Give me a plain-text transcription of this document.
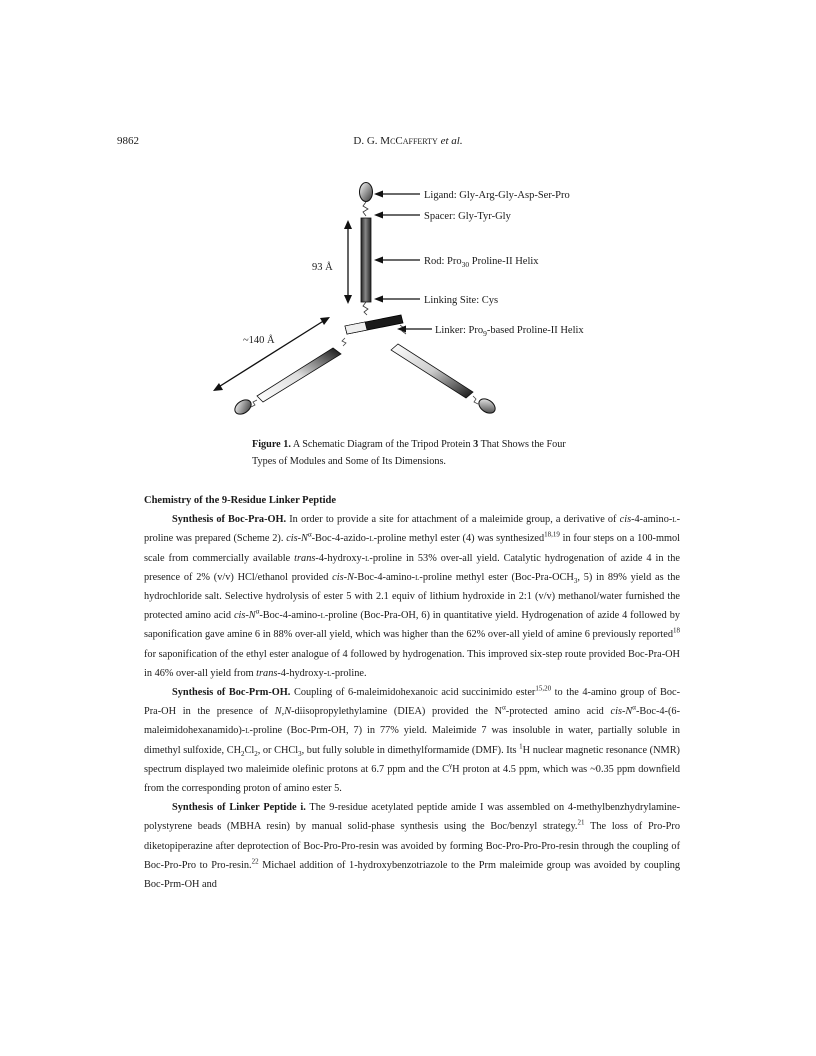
9862	D. G. McCafferty et al.
93 Å
~140 Å
Ligand: Gly-Arg-Gly-Asp-Ser-Pro
Spacer: Gly-Tyr-Gly
Rod: Pro$_{30}$ Proline-II Helix
Linking Site: Cys
Linker: Pro$_9$-based Proline-II Helix
Figure 1. A Schematic Diagram of the Tripod Protein 3 That Shows the Four Types of Modules and Some of Its Dimensions.

Chemistry of the 9-Residue Linker Peptide

Synthesis of Boc-Pra-OH. In order to provide a site for attachment of a maleimide group, a derivative of cis-4-amino-l-proline was prepared (Scheme 2). cis-$N^\alpha-Boc-4-azido-l$-proline methyl ester (4) was synthesized$^{18,19}$ in four steps on a 100-mmol scale from commercially available trans-4-hydroxy-l-proline in 53% over-all yield. Catalytic hydrogenation of azide 4 in the presence of 2% (v/v) HCl/ethanol provided cis-N-Boc-4-amino-l-proline methyl ester ($Boc-Pra-OCH_3$, 5) in 89% yield as the hydrochloride salt. Selective hydrolysis of ester 5 with 2.1 equiv of lithium hydroxide in 2:1 (v/v) methanol/water furnished the protected amino acid cis-$N^\alpha-Boc-4-amino-l$-proline (Boc-Pra-OH, 6) in quantitative yield. Hydrogenation of azide 4 followed by saponification gave amine 6 in 88% over-all yield, which was higher than the 62% over-all yield of amine 6 previously reported$^{18}$ for saponification of the ethyl ester analogue of 4 followed by hydrogenation. This improved six-step route provided Boc-Pra-OH in 46% over-all yield from trans-4-hydroxy-l-proline.

Synthesis of Boc-Prm-OH. Coupling of 6-maleimidohexanoic acid succinimido ester$^{15,20}$ to the 4-amino group of Boc-Pra-OH in the presence of N,N-diisopropylethylamine (DIEA) provided the $N^\alpha$-protected amino acid cis-$N^\alpha-Boc-4-(6-maleimidohexanamido)-l$-proline (Boc-Prm-OH, 7) in 77% yield. Maleimide 7 was insoluble in water, partially soluble in dimethyl sulfoxide, $CH_2Cl_2$, or CHCl$_3$, but fully soluble in dimethylformamide (DMF). Its $^1$H nuclear magnetic resonance (NMR) spectrum displayed two maleimide olefinic protons at 6.7 ppm and the $C^\gamma H$ proton at 4.5 ppm, which was ~0.35 ppm downfield from the corresponding proton of amino ester 5.

Synthesis of Linker Peptide i. The 9-residue acetylated peptide amide I was assembled on 4-methylbenzhydrylamine-polystyrene beads (MBHA resin) by manual solid-phase synthesis using the Boc/benzyl strategy.$^{21}$ The loss of Pro-Pro diketopiperazine after deprotection of Boc-Pro-Pro-resin was avoided by forming Boc-Pro-Pro-Pro-resin through the coupling of Boc-Pro-Pro to Pro-resin.$^{22}$ Michael addition of 1-hydroxybenzotriazole to the Prm maleimide group was avoided by coupling Boc-Prm-OH and
